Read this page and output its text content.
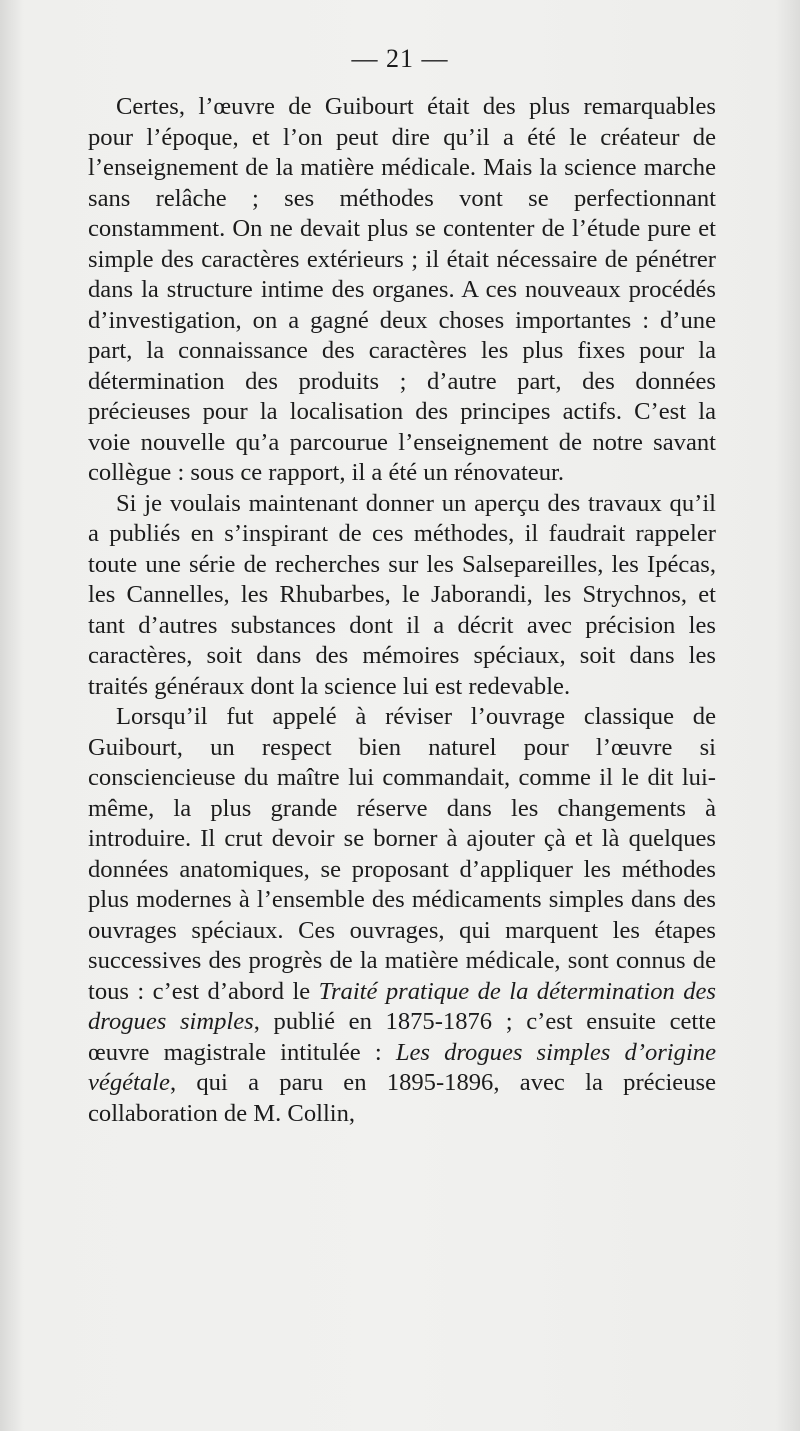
— 21 —

Certes, l’œuvre de Guibourt était des plus remarquables pour l’époque, et l’on peut dire qu’il a été le créateur de l’enseignement de la matière médicale. Mais la science marche sans relâche ; ses méthodes vont se perfectionnant constamment. On ne devait plus se contenter de l’étude pure et simple des caractères extérieurs ; il était nécessaire de pénétrer dans la structure intime des organes. A ces nouveaux procédés d’investigation, on a gagné deux choses importantes : d’une part, la connaissance des caractères les plus fixes pour la détermination des produits ; d’autre part, des données précieuses pour la localisation des principes actifs. C’est la voie nouvelle qu’a parcourue l’enseignement de notre savant collègue : sous ce rapport, il a été un rénovateur.

Si je voulais maintenant donner un aperçu des travaux qu’il a publiés en s’inspirant de ces méthodes, il faudrait rappeler toute une série de recherches sur les Salsepareilles, les Ipécas, les Cannelles, les Rhubarbes, le Jaborandi, les Strychnos, et tant d’autres substances dont il a décrit avec précision les caractères, soit dans des mémoires spéciaux, soit dans les traités généraux dont la science lui est redevable.

Lorsqu’il fut appelé à réviser l’ouvrage classique de Guibourt, un respect bien naturel pour l’œuvre si consciencieuse du maître lui commandait, comme il le dit lui-même, la plus grande réserve dans les changements à introduire. Il crut devoir se borner à ajouter çà et là quelques données anatomiques, se proposant d’appliquer les méthodes plus modernes à l’ensemble des médicaments simples dans des ouvrages spéciaux. Ces ouvrages, qui marquent les étapes successives des progrès de la matière médicale, sont connus de tous : c’est d’abord le Traité pratique de la détermination des drogues simples, publié en 1875-1876 ; c’est ensuite cette œuvre magistrale intitulée : Les drogues simples d’origine végétale, qui a paru en 1895-1896, avec la précieuse collaboration de M. Collin,
